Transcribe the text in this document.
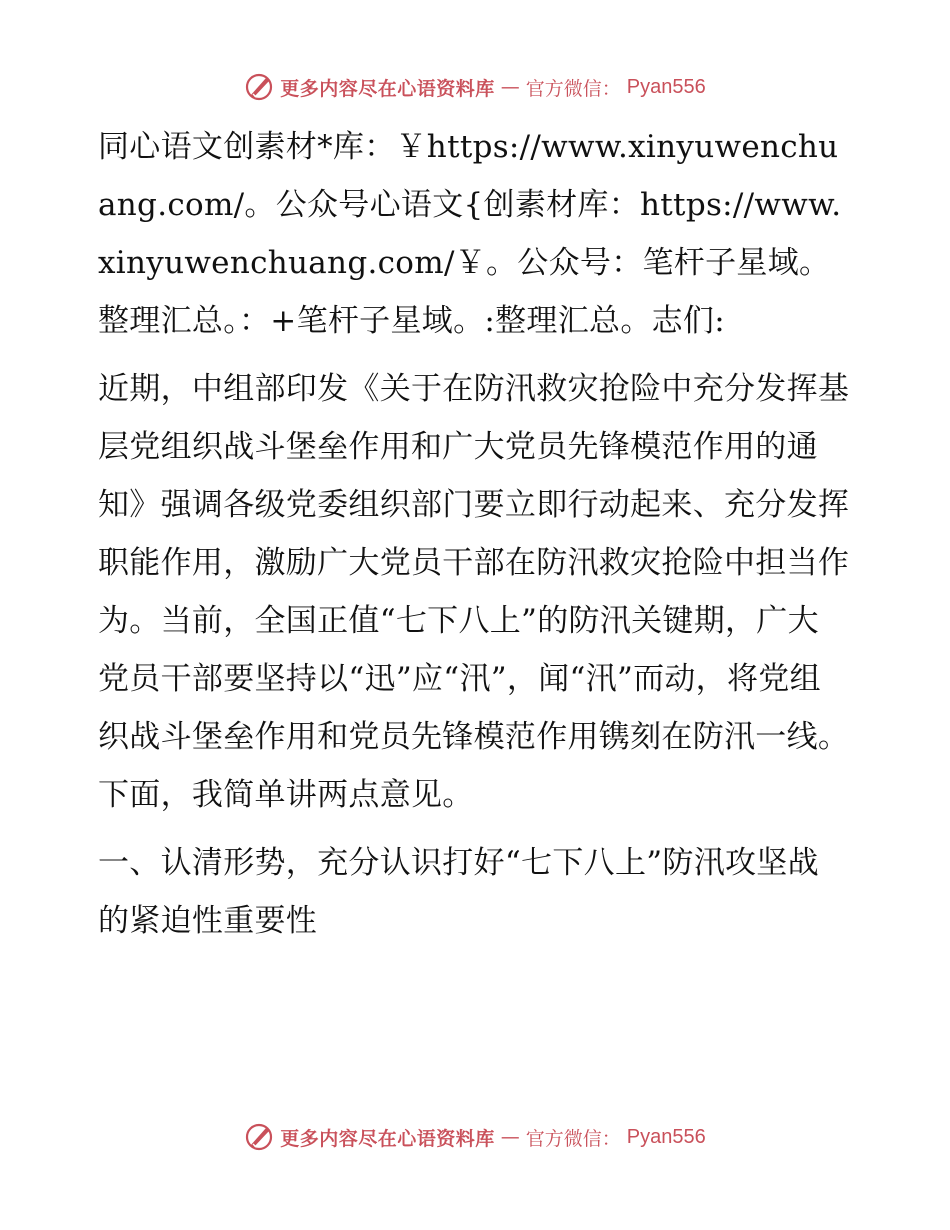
更多内容尽在心语资料库 — 官方微信： Pyan556

同心语文创素材*库：￥https://www.xinyuwenchuang.com/。公众号心语文{创素材库：https://www.xinyuwenchuang.com/￥。公众号：笔杆子星域。整理汇总。：+笔杆子星域。:整理汇总。志们:

近期，中组部印发《关于在防汛救灾抢险中充分发挥基层党组织战斗堡垒作用和广大党员先锋模范作用的通知》强调各级党委组织部门要立即行动起来、充分发挥职能作用，激励广大党员干部在防汛救灾抢险中担当作为。当前，全国正值“七下八上”的防汛关键期，广大党员干部要坚持以“迅”应“汛”，闻“汛”而动，将党组织战斗堡垒作用和党员先锋模范作用镌刻在防汛一线。下面，我简单讲两点意见。

一、认清形势，充分认识打好“七下八上”防汛攻坚战的紧迫性重要性

更多内容尽在心语资料库 — 官方微信： Pyan556
